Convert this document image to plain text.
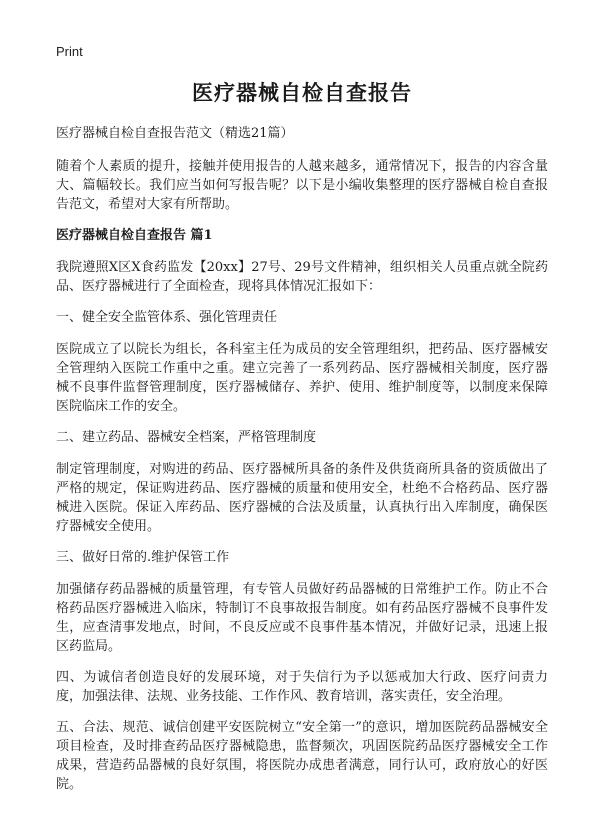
Print
医疗器械自检自查报告

医疗器械自检自查报告范文（精选21篇）

随着个人素质的提升，接触并使用报告的人越来越多，通常情况下，报告的内容含量大、篇幅较长。我们应当如何写报告呢？以下是小编收集整理的医疗器械自检自查报告范文，希望对大家有所帮助。

医疗器械自检自查报告 篇1

我院遵照X区X食药监发【20xx】27号、29号文件精神，组织相关人员重点就全院药品、医疗器械进行了全面检查，现将具体情况汇报如下：

一、健全安全监管体系、强化管理责任

医院成立了以院长为组长，各科室主任为成员的安全管理组织，把药品、医疗器械安全管理纳入医院工作重中之重。建立完善了一系列药品、医疗器械相关制度，医疗器械不良事件监督管理制度，医疗器械储存、养护、使用、维护制度等，以制度来保障医院临床工作的安全。

二、建立药品、器械安全档案，严格管理制度

制定管理制度，对购进的药品、医疗器械所具备的条件及供货商所具备的资质做出了严格的规定，保证购进药品、医疗器械的质量和使用安全，杜绝不合格药品、医疗器械进入医院。保证入库药品、医疗器械的合法及质量，认真执行出入库制度，确保医疗器械安全使用。

三、做好日常的.维护保管工作

加强储存药品器械的质量管理，有专管人员做好药品器械的日常维护工作。防止不合格药品医疗器械进入临床，特制订不良事故报告制度。如有药品医疗器械不良事件发生，应查清事发地点，时间，不良反应或不良事件基本情况，并做好记录，迅速上报区药监局。

四、为诚信者创造良好的发展环境，对于失信行为予以惩戒加大行政、医疗问责力度，加强法律、法规、业务技能、工作作风、教育培训，落实责任，安全治理。

五、合法、规范、诚信创建平安医院树立“安全第一”的意识，增加医院药品器械安全项目检查，及时排查药品医疗器械隐患，监督频次，巩固医院药品医疗器械安全工作成果，营造药品器械的良好氛围，将医院办成患者满意，同行认可，政府放心的好医院。
